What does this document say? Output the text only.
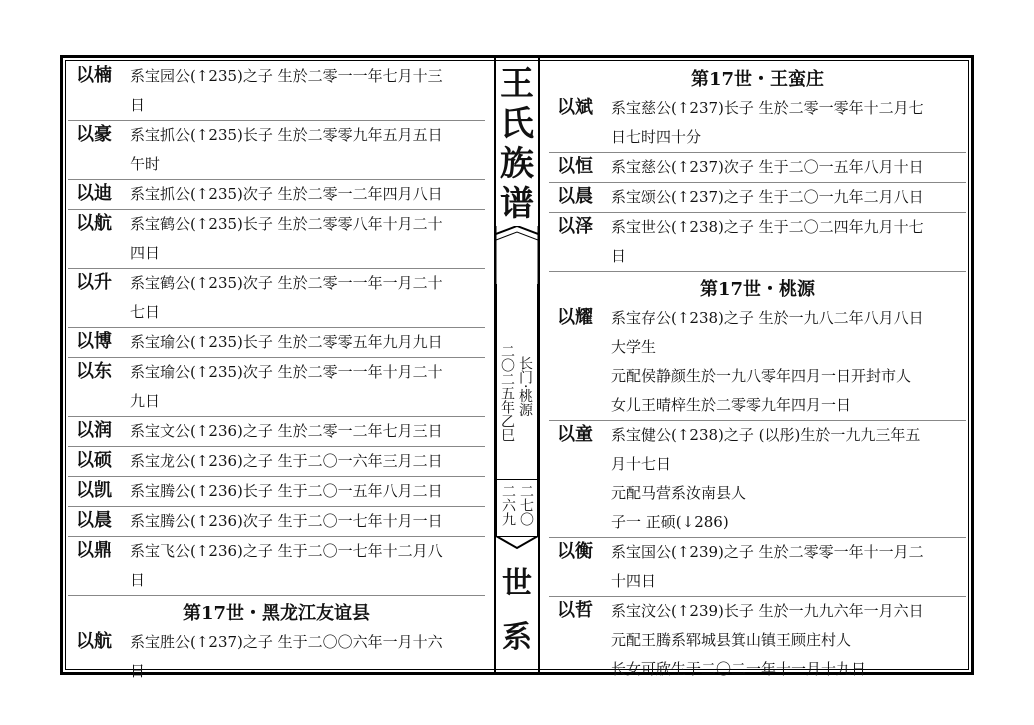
以楠	系宝园公(↑235)之子 生於二零一一年七月十三
日
以豪	系宝抓公(↑235)长子 生於二零零九年五月五日
午时
以迪	系宝抓公(↑235)次子 生於二零一二年四月八日
以航	系宝鹤公(↑235)长子 生於二零零八年十月二十
四日
以升	系宝鹤公(↑235)次子 生於二零一一年一月二十
七日
以博	系宝瑜公(↑235)长子 生於二零零五年九月九日
以东	系宝瑜公(↑235)次子 生於二零一一年十月二十
九日
以润	系宝文公(↑236)之子 生於二零一二年七月三日
以硕	系宝龙公(↑236)之子 生于二〇一六年三月二日
以凯	系宝腾公(↑236)长子 生于二〇一五年八月二日
以晨	系宝腾公(↑236)次子 生于二〇一七年十月一日
以鼎	系宝飞公(↑236)之子 生于二〇一七年十二月八
日
第17世・黑龙江友谊县
以航	系宝胜公(↑237)之子 生于二〇〇六年一月十六
日
第17世・王蛮庄
以斌	系宝慈公(↑237)长子 生於二零一零年十二月七
日七时四十分
以恒	系宝慈公(↑237)次子 生于二〇一五年八月十日
以晨	系宝颂公(↑237)之子 生于二〇一九年二月八日
以泽	系宝世公(↑238)之子 生于二〇二四年九月十七
日
第17世・桃源
以耀	系宝存公(↑238)之子 生於一九八二年八月八日
大学生
元配侯静颜生於一九八零年四月一日开封市人
女儿王晴梓生於二零零九年四月一日
以童	系宝健公(↑238)之子 (以彤)生於一九九三年五
月十七日
元配马营系汝南县人
子一 正硕(↓286)
以衡	系宝国公(↑239)之子 生於二零零一年十一月二
十四日
以哲	系宝汶公(↑239)长子 生於一九九六年一月六日
元配王腾系郓城县箕山镇王顾庄村人
长女可欣生于二〇二一年十一月十九日
王
氏
族
谱
长门·桃源
二〇二五年乙巳
二七〇
二六九
世
系
